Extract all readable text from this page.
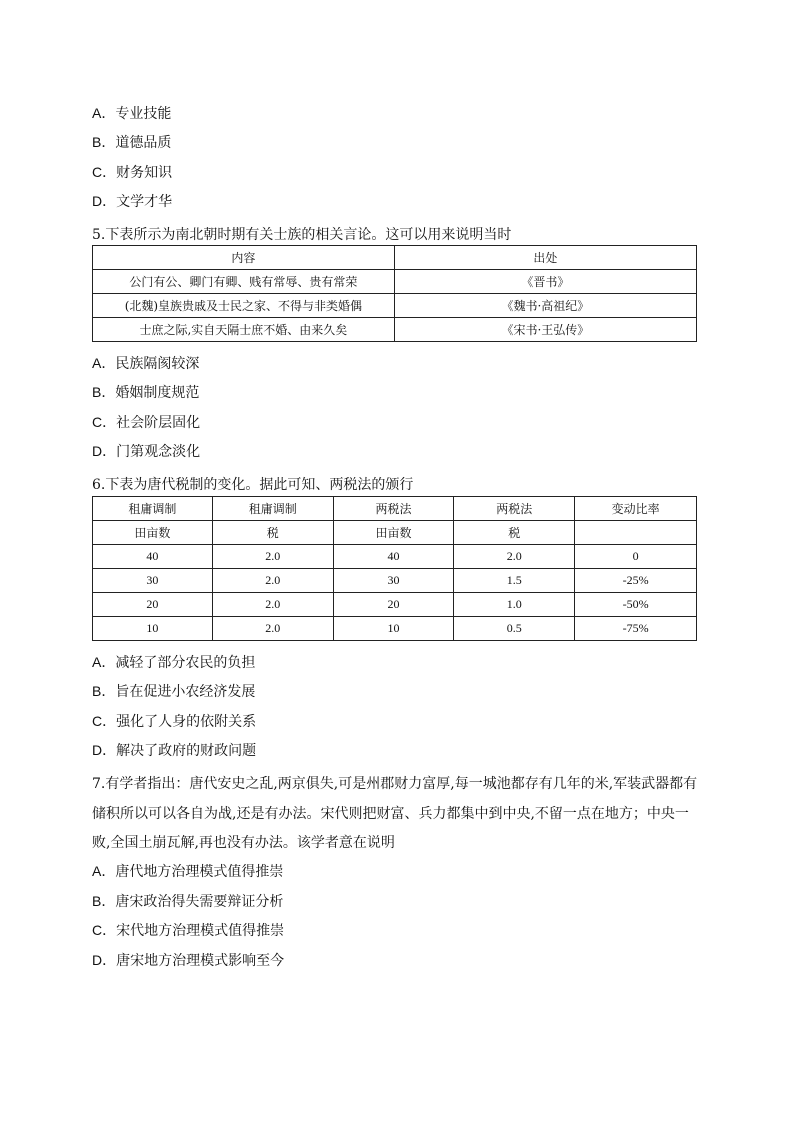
A．专业技能
B．道德品质
C．财务知识
D．文学才华
5.下表所示为南北朝时期有关士族的相关言论。这可以用来说明当时
内容	出处
公门有公、卿门有卿、贱有常辱、贵有常荣	《晋书》
(北魏)皇族贵戚及士民之家、不得与非类婚偶	《魏书·高祖纪》
士庶之际,实自天隔士庶不婚、由来久矣	《宋书·王弘传》
A．民族隔阂较深
B．婚姻制度规范
C．社会阶层固化
D．门第观念淡化
6.下表为唐代税制的变化。据此可知、两税法的颁行
租庸调制	租庸调制	两税法	两税法	变动比率
田亩数	税	田亩数	税	
40	2.0	40	2.0	0
30	2.0	30	1.5	-25%
20	2.0	20	1.0	-50%
10	2.0	10	0.5	-75%
A．减轻了部分农民的负担
B．旨在促进小农经济发展
C．强化了人身的依附关系
D．解决了政府的财政问题
7.有学者指出：唐代安史之乱,两京俱失,可是州郡财力富厚,每一城池都存有几年的米,军装武器都有储积所以可以各自为战,还是有办法。宋代则把财富、兵力都集中到中央,不留一点在地方；中央一败,全国土崩瓦解,再也没有办法。该学者意在说明
A．唐代地方治理模式值得推崇
B．唐宋政治得失需要辩证分析
C．宋代地方治理模式值得推崇
D．唐宋地方治理模式影响至今
